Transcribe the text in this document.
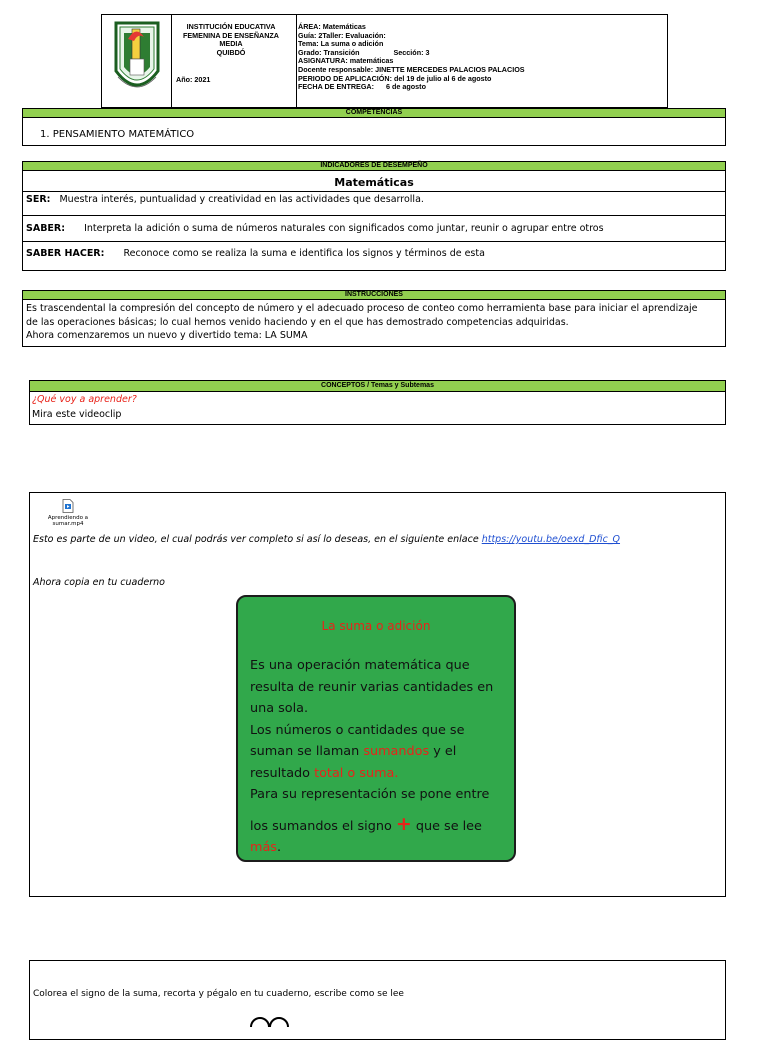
INSTITUCIÓN EDUCATIVA
FEMENINA DE ENSEÑANZA
MEDIA
QUIBDÓ
Año: 2021
ÁREA: Matemáticas
Guía: 2Taller: Evaluación:
Tema: La suma o adición
Grado: Transición	Sección: 3
ASIGNATURA: matemáticas
Docente responsable: JINETTE MERCEDES PALACIOS PALACIOS
PERIODO DE APLICACIÓN: del 19 de julio al 6 de agosto
FECHA DE ENTREGA: 6 de agosto
COMPETENCIAS
1. PENSAMIENTO MATEMÁTICO
INDICADORES DE DESEMPEÑO
Matemáticas
SER: Muestra interés, puntualidad y creatividad en las actividades que desarrolla.
SABER: Interpreta la adición o suma de números naturales con significados como juntar, reunir o agrupar entre otros
SABER HACER: Reconoce como se realiza la suma e identifica los signos y términos de esta
INSTRUCCIONES
Es trascendental la compresión del concepto de número y el adecuado proceso de conteo como herramienta base para iniciar el aprendizaje
de las operaciones básicas; lo cual hemos venido haciendo y en el que has demostrado competencias adquiridas.
Ahora comenzaremos un nuevo y divertido tema: LA SUMA
CONCEPTOS / Temas y Subtemas
¿Qué voy a aprender?
Mira este videoclip
Aprendiendo a
sumar.mp4
Esto es parte de un video, el cual podrás ver completo si así lo deseas, en el siguiente enlace https://youtu.be/oexd_Dfic_Q
Ahora copia en tu cuaderno
La suma o adición
Es una operación matemática que resulta de reunir varias cantidades en una sola.
Los números o cantidades que se suman se llaman sumandos y el resultado total o suma.
Para su representación se pone entre
los sumandos el signo + que se lee más.
Colorea el signo de la suma, recorta y pégalo en tu cuaderno, escribe como se lee
